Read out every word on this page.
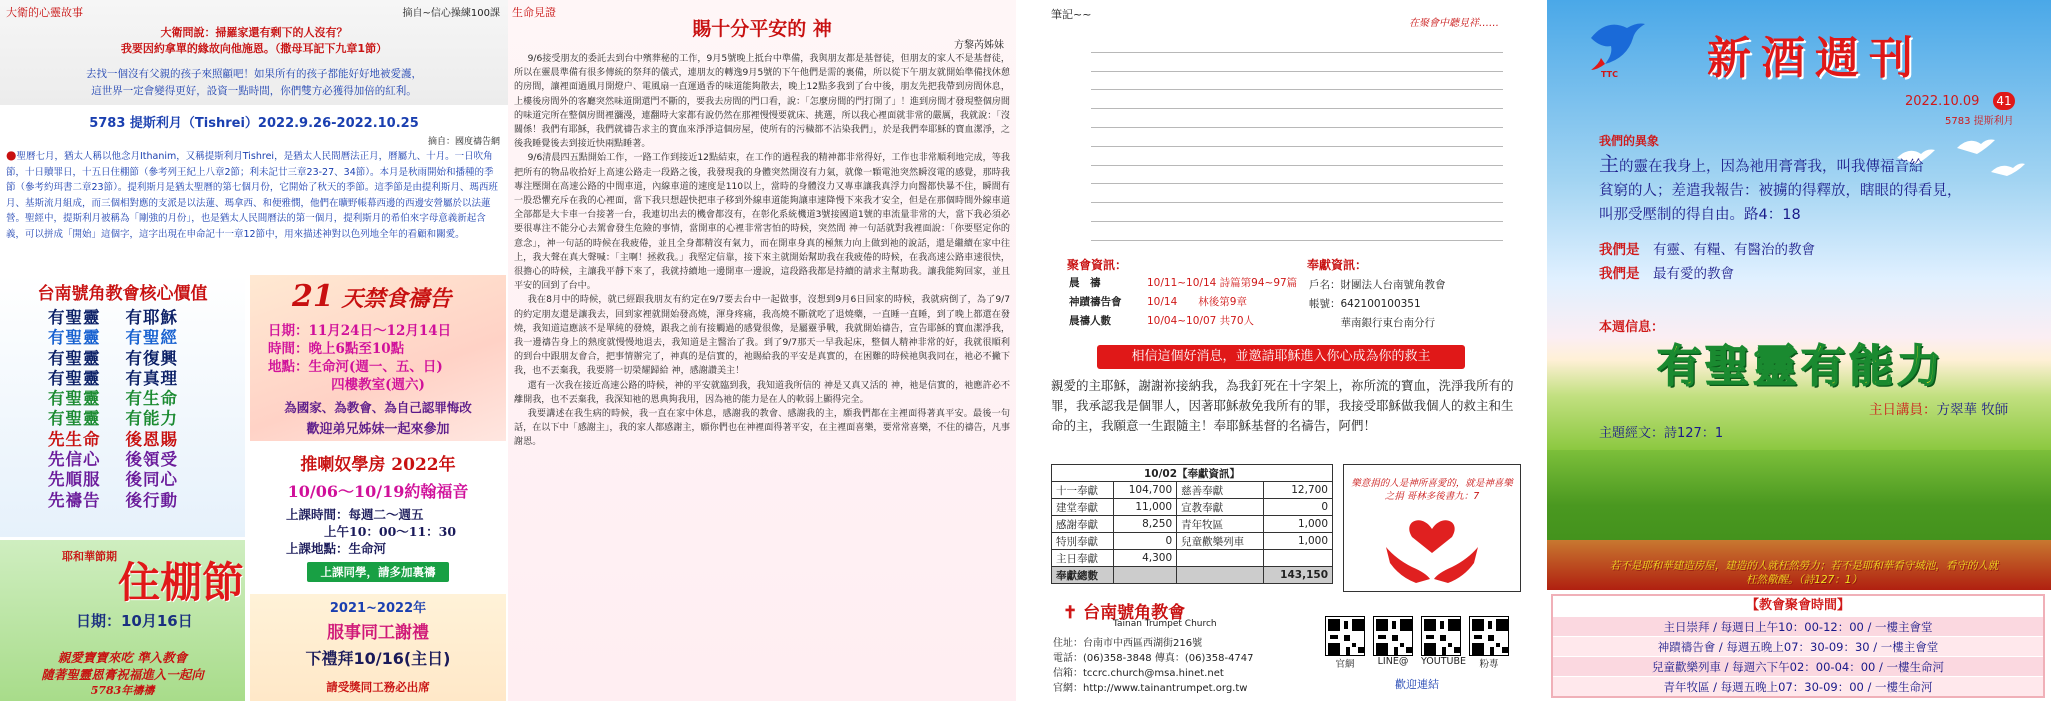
大衛的心靈故事	摘自~信心操練100課
大衛問說：掃羅家還有剩下的人沒有？
我要因約拿單的緣故向他施恩。（撒母耳記下九章1節）
去找一個沒有父親的孩子來照顧吧！如果所有的孩子都能好好地被愛護，
這世界一定會變得更好，設資一點時間，你們雙方必獲得加倍的紅利。
5783 提斯利月（Tishrei）2022.9.26-2022.10.25
摘自：國度禱告網
●聖曆七月，猶太人稱以他念月Ithanim，又稱提斯利月Tishrei，是猶太人民間曆法正月，曆屬九、十月。一日吹角節，十日贖罪日，十五日住棚節（參考列王紀上八章2節；利未記廿三章23-27、34節）。本月是秋雨開始和播種的季節（參考約珥書二章23節）。提利斯月是猶太聖曆的第七個月份，它開始了秋天的季節。這季節是由提利斯月、瑪西班月、基斯流月組成，而三個相對應的支派是以法蓮、瑪拿西、和便雅憫，他們在曠野帳幕西邊的西邊安營屬於以法蓮營。聖經中，提斯利月被稱為「剛強的月份」，也是猶太人民間曆法的第一個月，提利斯月的希伯來字母意義新起含義，可以拼成「開始」這個字，這字出現在申命記十一章12節中，用來描述神對以色列地全年的看顧和關愛。
台南號角教會核心價值
有聖靈	有耶穌
有聖靈	有聖經
有聖靈	有復興
有聖靈	有真理
有聖靈	有生命
有聖靈	有能力
先生命	後恩賜
先信心	後領受
先順服	後同心
先禱告	後行動
21 天禁食禱告
日期：11月24日～12月14日
時間：晚上6點至10點
地點：生命河(週一、五、日)
四樓教室(週六)
為國家、為教會、為自己認罪悔改
歡迎弟兄姊妹一起來參加
推喇奴學房 2022年
10/06～10/19約翰福音
上課時間：每週二～週五
上午10：00～11：30
上課地點：生命河
上課同學，請多加裏禱
耶和華節期
住棚節
日期：10月16日
親愛寶寶來吃 準入教會
隨著聖靈恩膏祝福進入一起向
5783年禱禱
2021~2022年
服事同工謝禮
下禮拜10/16(主日)
請受獎同工務必出席
生命見證
賜十分平安的 神
方黎芮姊妹

9/6接受朋友的委託去到台中殯葬秘的工作，9月5號晚上抵台中準備，我與朋友都是基督徒，但朋友的家人不是基督徒，所以在靈晨準備有很多傳統的祭拜的儀式，連朋友的轉逸9月5號的下午他們是需的裏備，所以從下午朋友就開始準備找休憩的房間，讓裡面過風月開燈户、電風扇一直運過香的味道能夠散去，晚上12點多我到了台中後，朋友先把我帶到房間休息，上樓後房間外的客廳突然味道開還門不斷的，要我去房間的門口看，說：「怎麼房間的門打開了」！進到房間才發現整個房間的味道完所在整個房間裡瀰漫，連翻時大家都有說仍然在那裡慢慢要就床、挑選，所以我心裡面就非常的嚴厲，我就說：「沒關係！我們有耶穌，我們就禱告求主的寶血來淨淨這個房屋，使所有的污穢都不沾染我們」，於是我們奉耶穌的寶血潔淨，之後我睡覺後去到接近快兩點睡著。

9/6清晨四五點開始工作，一路工作到接近12點結束，在工作的過程我的精神都非常得好，工作也非常順利地完成，等我把所有的物品收拾好上高速公路走一段路之後，我發現我的身體突然開沒有力氣，就像一顆電池突然瞬沒電的感覺，那時我專注壓開在高速公路的中間車道，內線車道的速度是110以上，當時的身體沒力又專車讓我真浮力向醫都快暴不住，瞬間有一股恐懼充斥在我的心裡面，當下我只想趕快把車子移到外線車道能夠讓車速降慢下來我才安全，但是在那個時間外線車道全部都是大卡車一台接著一台，我連切出去的機會都沒有，在彰化系統機道3號接國道1號的車流量非常的大，當下我必須必要很專注不能分心去駕會發生危險的事情，當開車的心裡非常害怕的時候，突然間 神一句話就對我裡面說：「你要堅定你的意念」，神一句話的時候在我疲倦，並且全身都精沒有氣力，而在開車身真的極無力向上做到祂的說話，還是繼續在家中往上，我大聲在真大聲喊：「主啊！拯救我。」我堅定信靠，接下來主就開始幫助我在我疲倦的時候，在我高速公路車速很快，很擔心的時候，主讓我平靜下來了，我就持續地一邊開車一邊說，這段路我都是持續的請求主幫助我。讓我能夠回家，並且平安的回到了台中。

我在8月中的時候，就已經跟我朋友有約定在9/7要去台中一起做事，沒想到9月6日回家的時候，我就病倒了，為了9/7的約定朋友還是讓我去，回到家裡就開始發高燒，渾身疼痛，我高燒不斷就吃了退燒藥，一直睡一直睡，到了晚上都還在發燒，我知道這應該不是單純的發燒，跟我之前有接觸過的感覺很像，是屬靈爭戰，我就開始禱告，宣告耶穌的寶血潔淨我，我一邊禱告身上的熱度就慢慢地退去，我知道是主醫治了我。到了9/7那天一早我起床，整個人精神非常的好，我就很順利的到台中跟朋友會合，把事情辦完了，神真的是信實的，祂賜給我的平安是真實的，在困難的時候祂與我同在，祂必不撇下我，也不丟棄我，我要將一切榮耀歸給 神，感謝讚美主！

還有一次我在接近高速公路的時候，神的平安就臨到我，我知道我所信的 神是又真又活的 神，祂是信實的，祂應許必不離開我，也不丟棄我，我深知祂的恩典夠我用，因為祂的能力是在人的軟弱上顯得完全。

我要講述在我生病的時候，我一直在家中休息，感謝我的教會、感謝我的主，願我們都在主裡面得著真平安。最後一句話，在以下中「感謝主」，我的家人都感謝主，願你們也在神裡面得著平安，在主裡面喜樂，要常常喜樂，不住的禱告，凡事謝恩。

筆記~~
在聚會中聽見祥……
聚會資訊：
晨　禱	10/11~10/14 詩篇第94~97篇
神蹟禱告會	10/14　　林後第9章
晨禱人數	10/04~10/07 共70人
奉獻資訊：
戶名：財團法人台南號角教會
帳號：642100100351
　　　華南銀行東台南分行
相信這個好消息，並邀請耶穌進入你心成為你的救主
親愛的主耶穌，謝謝祢接納我，為我釘死在十字架上，祢所流的寶血，洗淨我所有的罪，我承認我是個罪人，因著耶穌赦免我所有的罪，我接受耶穌做我個人的救主和生命的主，我願意一生跟隨主！奉耶穌基督的名禱告，阿們！
10/02【奉獻資訊】			
十一奉獻	104,700	慈善奉獻	12,700
建堂奉獻	11,000	宣教奉獻	0
感謝奉獻	8,250	青年牧區	1,000
特別奉獻	0	兒童歡樂列車	1,000
主日奉獻	4,300		
奉獻總數			143,150
樂意捐的人是神所喜愛的，就是神喜樂之捐 哥林多後書九：7
✝ 台南號角教會
Tainan Trumpet Church
住址：台南市中西區西湖街216號
電話：(06)358-3848 傳真：(06)358-4747
信箱：tccrc.church@msa.hinet.net
官網：http://www.tainantrumpet.org.tw
官網	LINE@	YOUTUBE	粉專
歡迎連結
TTC 新酒週刊
2022.10.09 41
5783 提斯利月
我們的異象
主的靈在我身上，因為祂用膏膏我，叫我傳福音給
貧窮的人；差遣我報告：被擄的得釋放，瞎眼的得看見，
叫那受壓制的得自由。路4：18
我們是　 有靈、有糧、有醫治的教會
我們是　 最有愛的教會
本週信息：
有聖靈有能力
主日講員：方翠華 牧師
主題經文：詩127：1
若不是耶和華建造房屋，建造的人就枉然勞力；若不是耶和華看守城池，看守的人就枉然儆醒。（詩127：1）
【教會聚會時間】
主日崇拜 / 每週日上午10：00-12：00 / 一樓主會堂
神蹟禱告會 / 每週五晚上07：30-09：30 / 一樓主會堂
兒童歡樂列車 / 每週六下午02：00-04：00 / 一樓生命河
青年牧區 / 每週五晚上07：30-09：00 / 一樓生命河
